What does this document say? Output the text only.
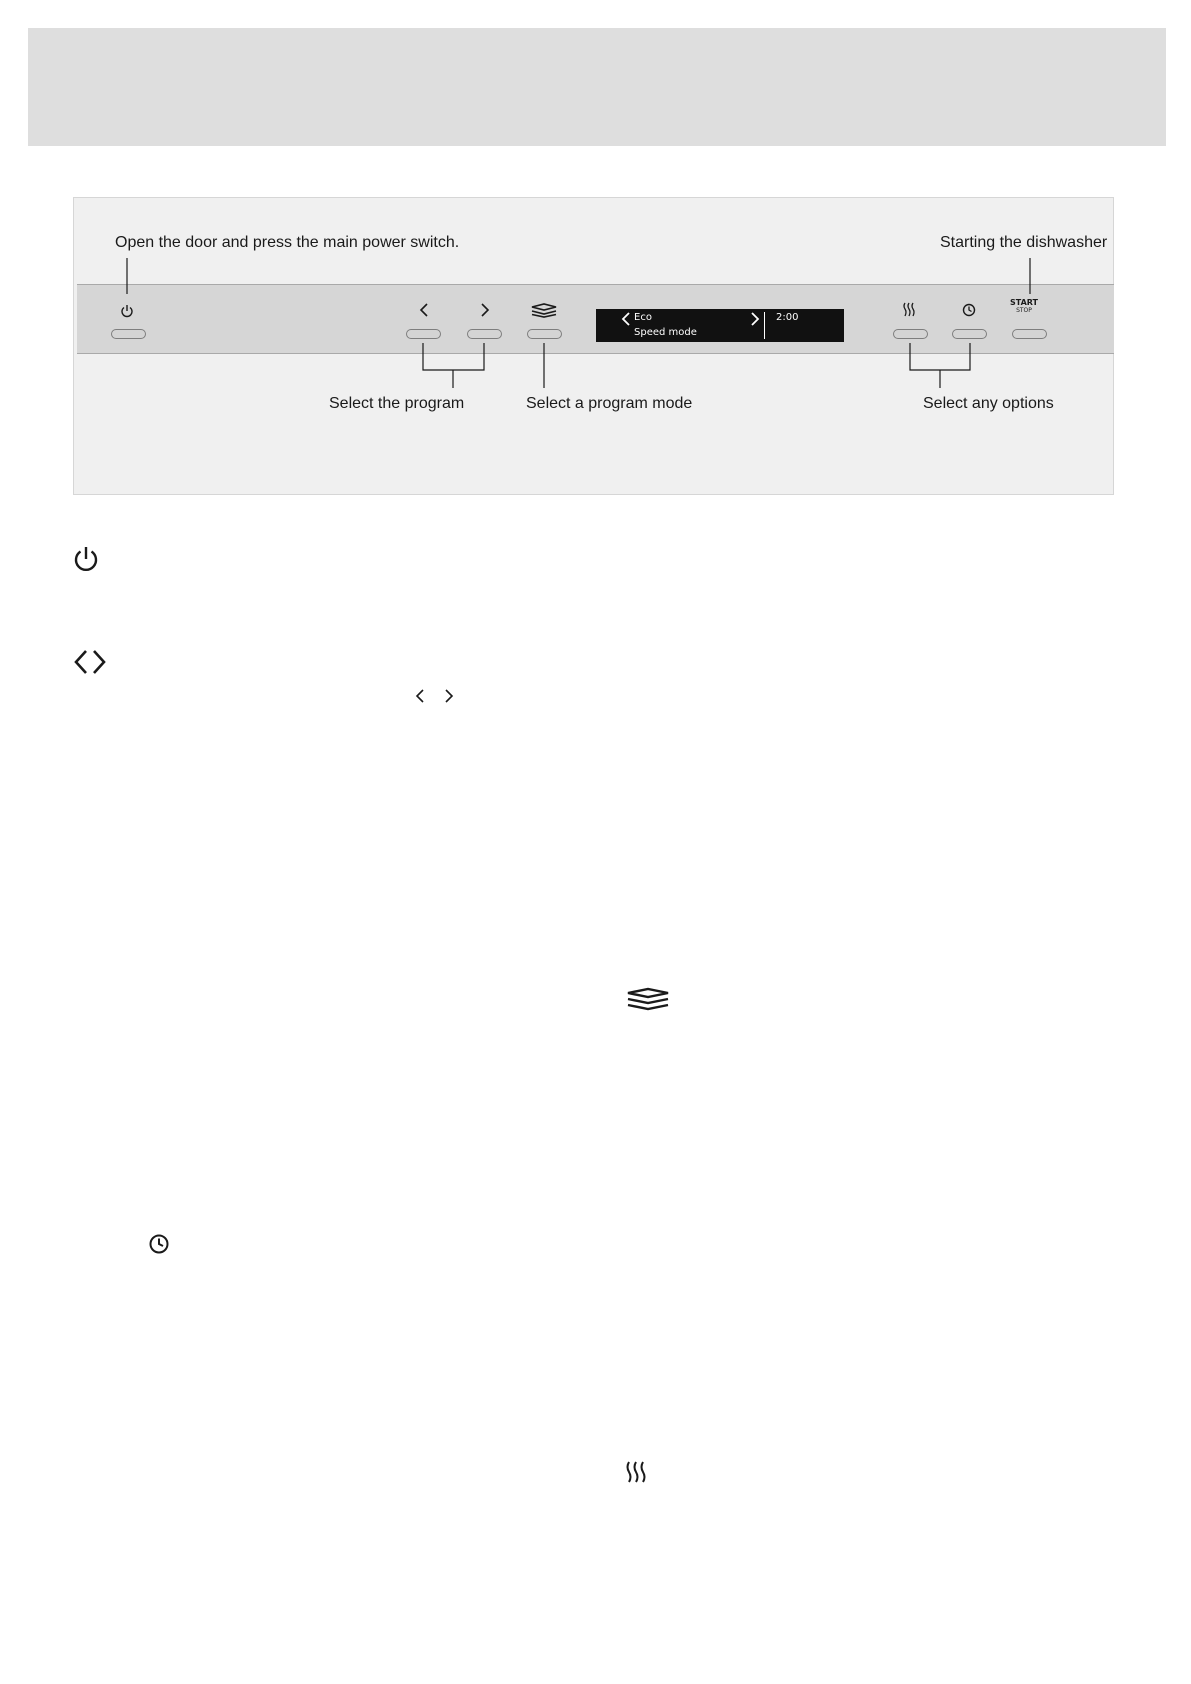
Open the door and press the main power switch.	Starting the dishwasher
Select the program	Select a program mode	Select any options
START
STOP
Eco
Speed mode
2:00
